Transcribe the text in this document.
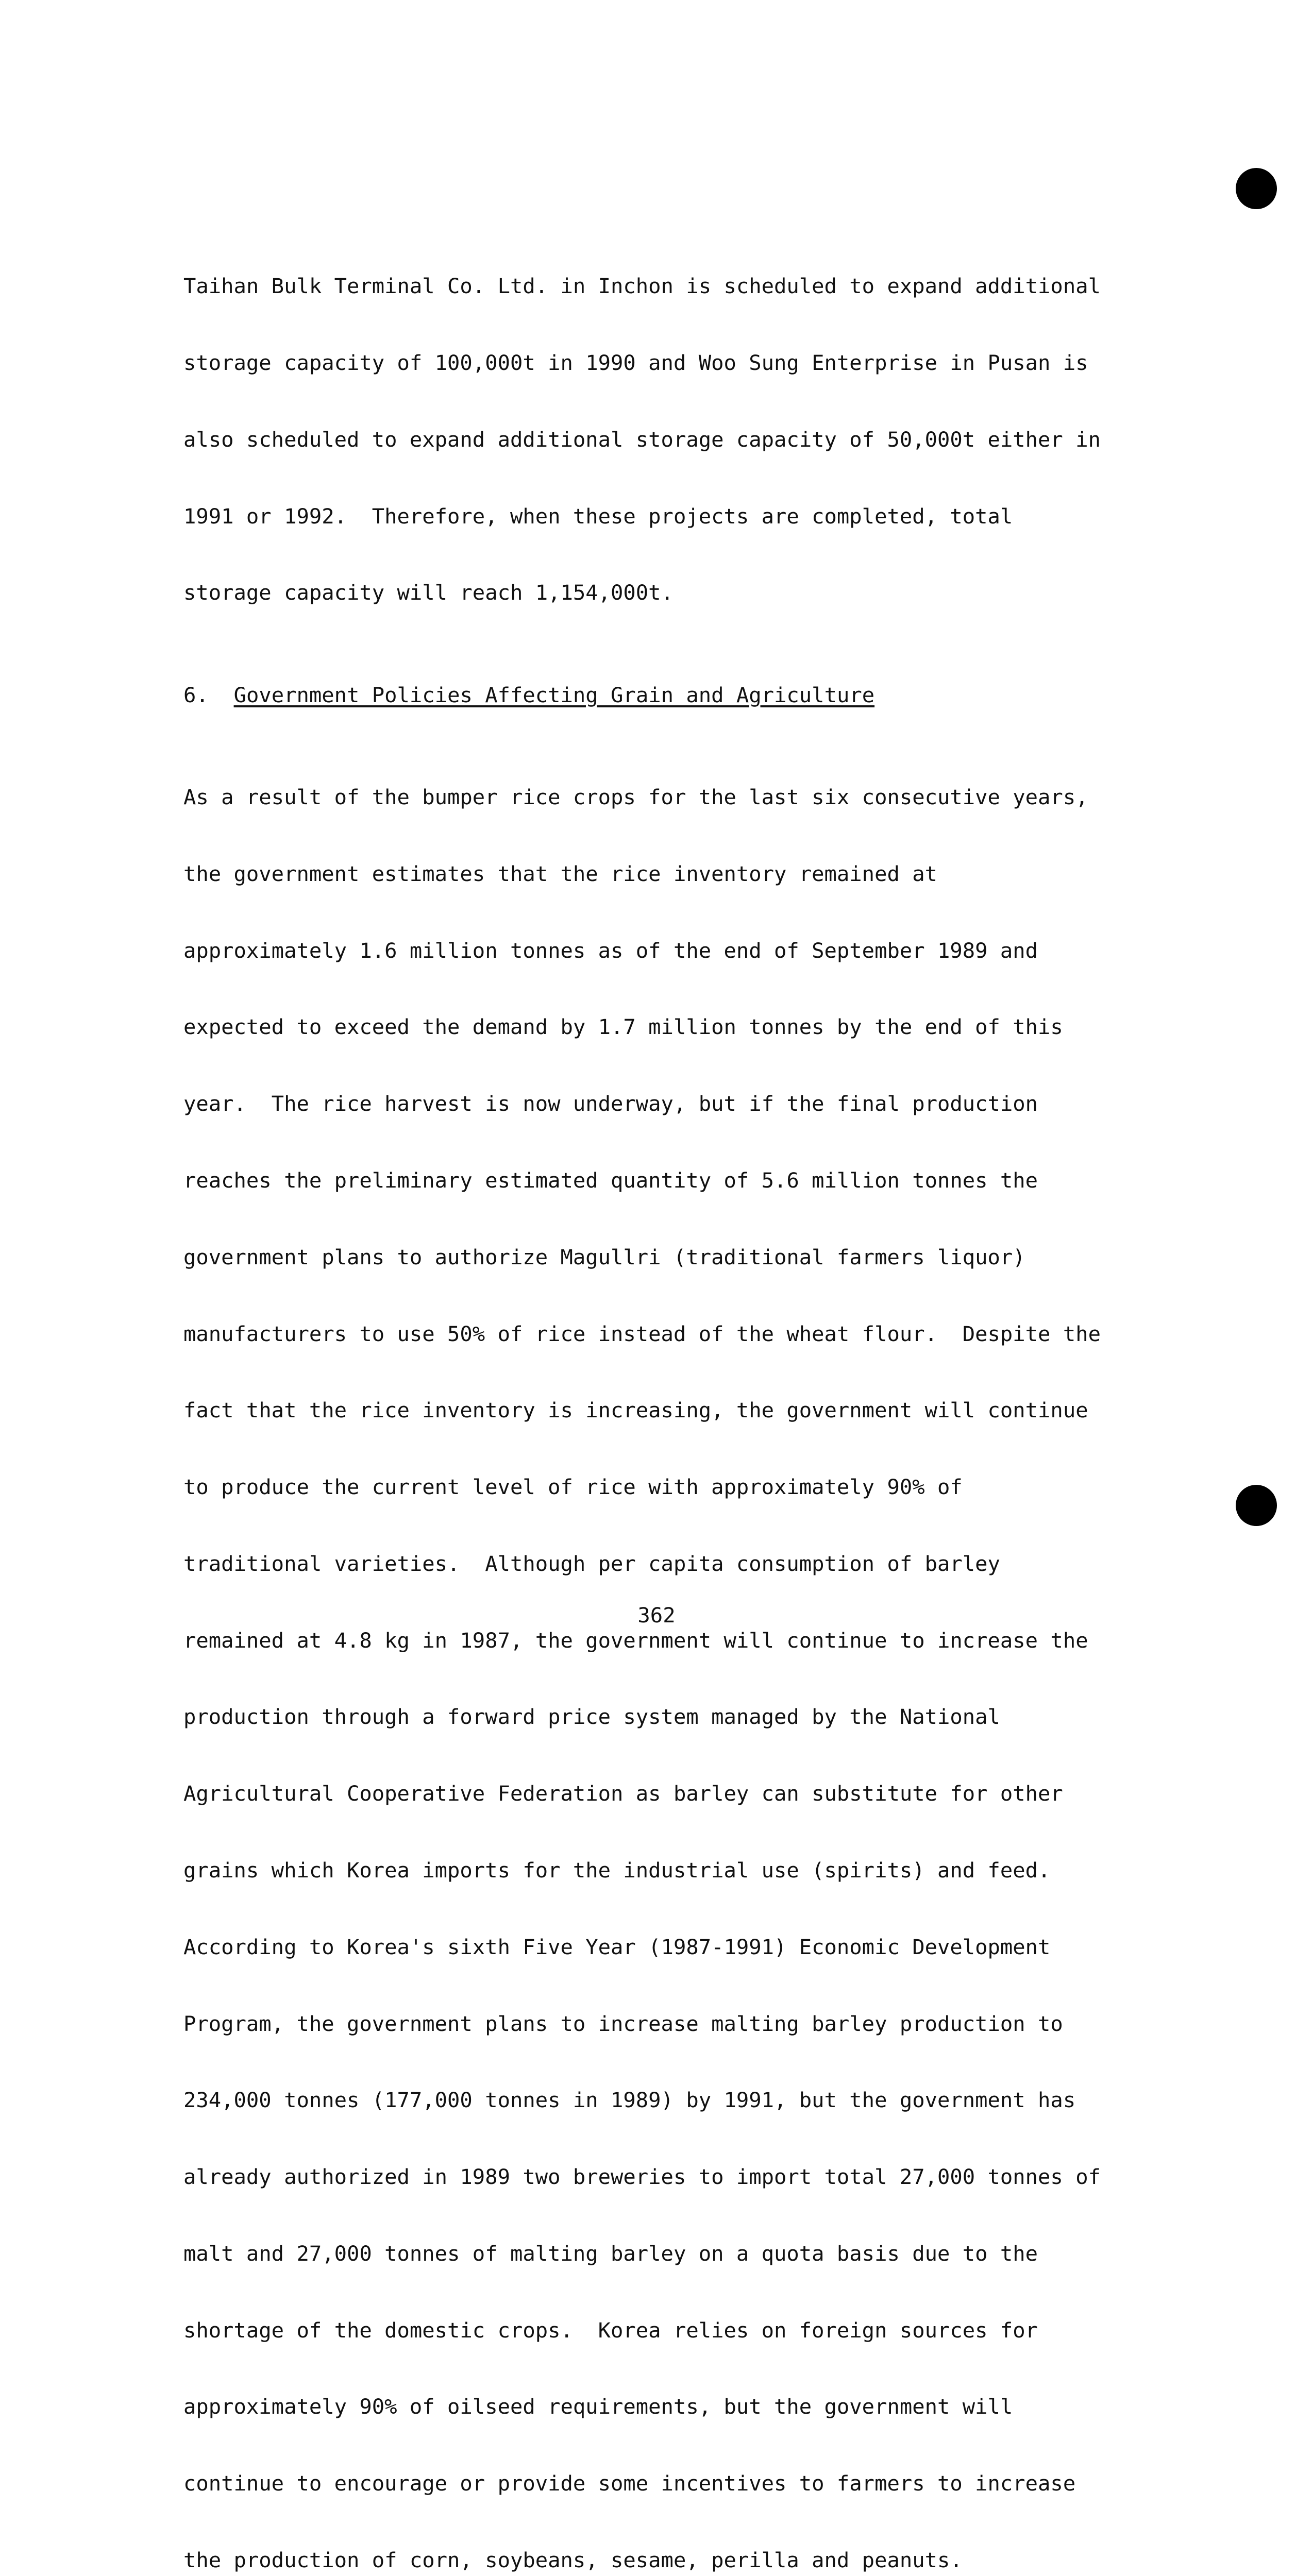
Taihan Bulk Terminal Co. Ltd. in Inchon is scheduled to expand additional

storage capacity of 100,000t in 1990 and Woo Sung Enterprise in Pusan is

also scheduled to expand additional storage capacity of 50,000t either in

1991 or 1992.  Therefore, when these projects are completed, total

storage capacity will reach 1,154,000t.

6. Government Policies Affecting Grain and Agriculture

As a result of the bumper rice crops for the last six consecutive years,

the government estimates that the rice inventory remained at

approximately 1.6 million tonnes as of the end of September 1989 and

expected to exceed the demand by 1.7 million tonnes by the end of this

year.  The rice harvest is now underway, but if the final production

reaches the preliminary estimated quantity of 5.6 million tonnes the

government plans to authorize Magullri (traditional farmers liquor)

manufacturers to use 50% of rice instead of the wheat flour.  Despite the

fact that the rice inventory is increasing, the government will continue

to produce the current level of rice with approximately 90% of

traditional varieties.  Although per capita consumption of barley

remained at 4.8 kg in 1987, the government will continue to increase the

production through a forward price system managed by the National

Agricultural Cooperative Federation as barley can substitute for other

grains which Korea imports for the industrial use (spirits) and feed.

According to Korea's sixth Five Year (1987-1991) Economic Development

Program, the government plans to increase malting barley production to

234,000 tonnes (177,000 tonnes in 1989) by 1991, but the government has

already authorized in 1989 two breweries to import total 27,000 tonnes of

malt and 27,000 tonnes of malting barley on a quota basis due to the

shortage of the domestic crops.  Korea relies on foreign sources for

approximately 90% of oilseed requirements, but the government will

continue to encourage or provide some incentives to farmers to increase

the production of corn, soybeans, sesame, perilla and peanuts.

362
